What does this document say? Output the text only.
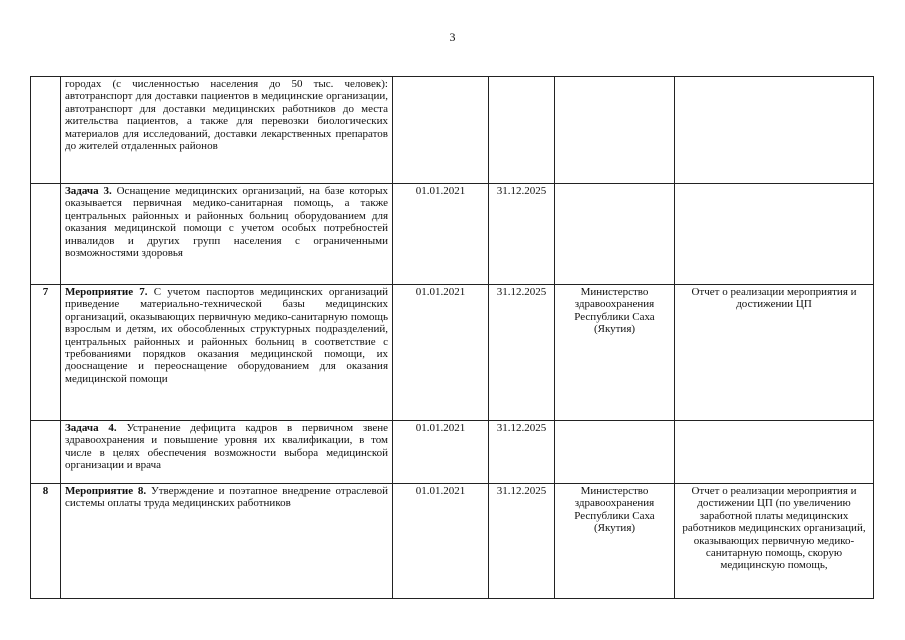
3
	городах (с численностью населения до 50 тыс. человек): автотранспорт для доставки пациентов в медицинские организации, автотранспорт для доставки медицинских работников до места жительства пациентов, а также для перевозки биологических материалов для исследований, доставки лекарственных препаратов до жителей отдаленных районов				
	Задача 3. Оснащение медицинских организаций, на базе которых оказывается первичная медико-санитарная помощь, а также центральных районных и районных больниц оборудованием для оказания медицинской помощи с учетом особых потребностей инвалидов и других групп населения с ограниченными возможностями здоровья	01.01.2021	31.12.2025		
7	Мероприятие 7. С учетом паспортов медицинских организаций приведение материально-технической базы медицинских организаций, оказывающих первичную медико-санитарную помощь взрослым и детям, их обособленных структурных подразделений, центральных районных и районных больниц в соответствие с требованиями порядков оказания медицинской помощи, их дооснащение и переоснащение оборудованием для оказания медицинской помощи	01.01.2021	31.12.2025	Министерство здравоохранения Республики Саха (Якутия)	Отчет о реализации мероприятия и достижении ЦП
	Задача 4. Устранение дефицита кадров в первичном звене здравоохранения и повышение уровня их квалификации, в том числе в целях обеспечения возможности выбора медицинской организации и врача	01.01.2021	31.12.2025		
8	Мероприятие 8. Утверждение и поэтапное внедрение отраслевой системы оплаты труда медицинских работников	01.01.2021	31.12.2025	Министерство здравоохранения Республики Саха (Якутия)	Отчет о реализации мероприятия и достижении ЦП (по увеличению заработной платы медицинских работников медицинских организаций, оказывающих первичную медико-санитарную помощь, скорую медицинскую помощь,
